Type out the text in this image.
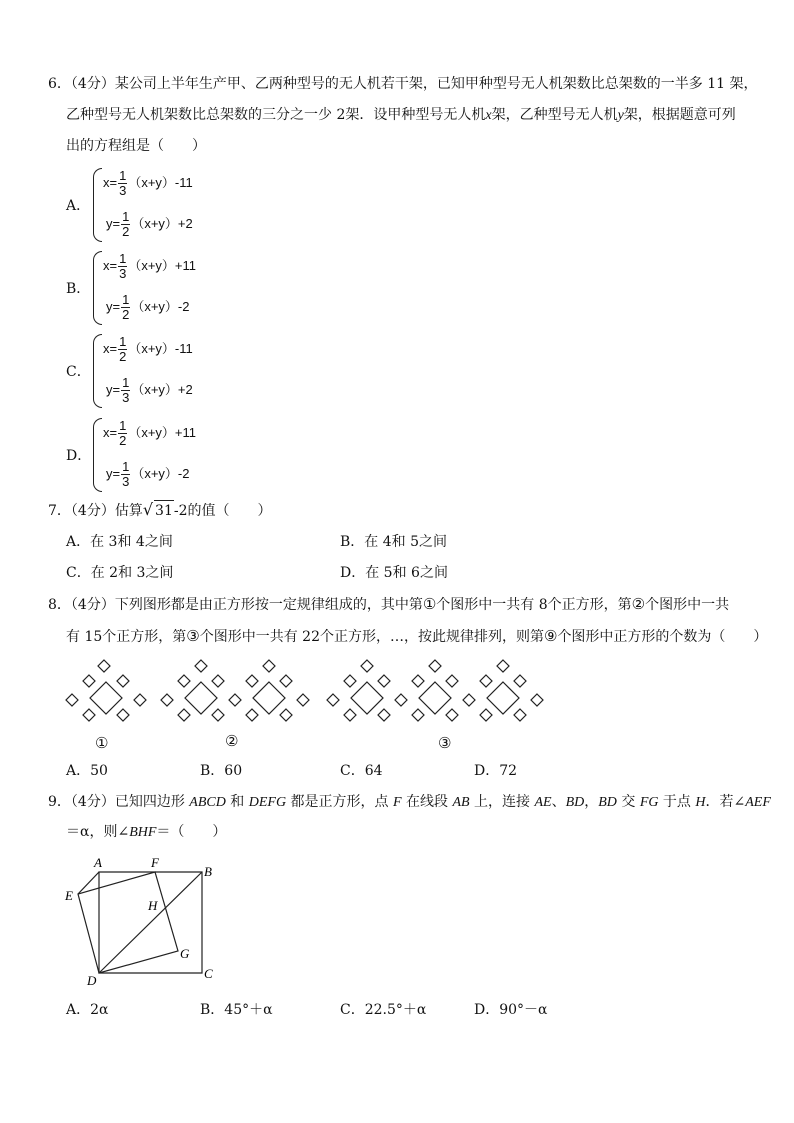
6．（4分）某公司上半年生产甲、乙两种型号的无人机若干架，已知甲种型号无人机架数比总架数的一半多 11 架，
乙种型号无人机架数比总架数的三分之一少 2架．设甲种型号无人机x架，乙种型号无人机y架，根据题意可列
出的方程组是（　　）
A．
$x= \frac{1}{3} (x+y)-11$
$y= \frac{1}{2} (x+y)+2$
B．
$x= \frac{1}{3} (x+y)+11$
$y= \frac{1}{2} (x+y)-2$
C．
$x= \frac{1}{2} (x+y)-11$
$y= \frac{1}{3} (x+y)+2$
D．
$x= \frac{1}{2} (x+y)+11$
$y= \frac{1}{3} (x+y)-2$
7．（4分）估算√ 31-2的值（　　）
A．在 3和 4之间	B．在 4和 5之间
C．在 2和 3之间	D．在 5和 6之间
8．（4分）下列图形都是由正方形按一定规律组成的，其中第①个图形中一共有 8个正方形，第②个图形中一共
有 15个正方形，第③个图形中一共有 22个正方形，…，按此规律排列，则第⑨个图形中正方形的个数为（　　）
①	②	③
A．50	B．60	C．64	D．72
9．（4分）已知四边形 ABCD 和 DEFG 都是正方形，点 F 在线段 AB 上，连接 AE、BD，BD 交 FG 于点 H．若∠AEF
＝α，则∠BHF＝（　　）
A	F
B
E
H
G
D	C
A．2α	B．45°＋α	C．22.5°＋α	D．90°－α
